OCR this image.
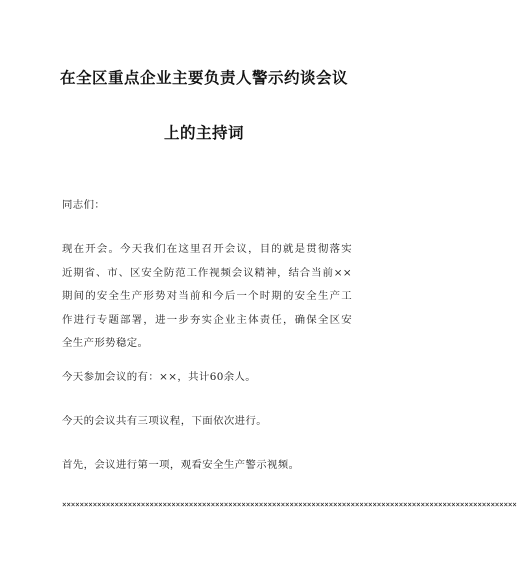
在全区重点企业主要负责人警示约谈会议
上的主持词
同志们：
现在开会。今天我们在这里召开会议，目的就是贯彻落实
近期省、市、区安全防范工作视频会议精神，结合当前××
期间的安全生产形势对当前和今后一个时期的安全生产工
作进行专题部署，进一步夯实企业主体责任，确保全区安
全生产形势稳定。
今天参加会议的有：××，共计60余人。
今天的会议共有三项议程，下面依次进行。
首先，会议进行第一项，观看安全生产警示视频。
××××××××××××××××××××××××××××××××××××××××××××××××××××××××××××××××××××××××××××××××××××××××××××××××××××××××
